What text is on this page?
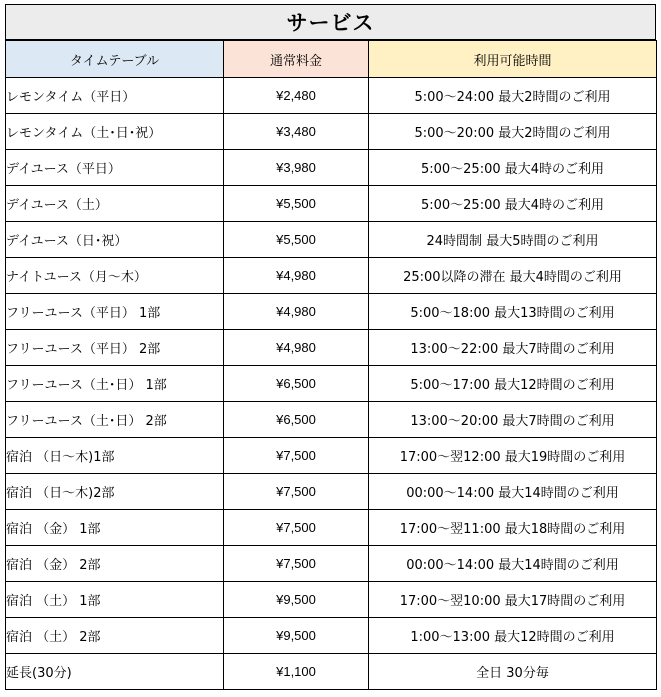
サービス
タイムテーブル	通常料金	利用可能時間
レモンタイム（平日）	¥2,480	5:00～24:00 最大2時間のご利用
レモンタイム（土･日･祝）	¥3,480	5:00～20:00 最大2時間のご利用
デイユース（平日）	¥3,980	5:00～25:00 最大4時のご利用
デイユース（土）	¥5,500	5:00～25:00 最大4時のご利用
デイユース（日･祝）	¥5,500	24時間制 最大5時間のご利用
ナイトユース（月～木）	¥4,980	25:00以降の滞在 最大4時間のご利用
フリーユース（平日） 1部	¥4,980	5:00～18:00 最大13時間のご利用
フリーユース（平日） 2部	¥4,980	13:00～22:00 最大7時間のご利用
フリーユース（土･日） 1部	¥6,500	5:00～17:00 最大12時間のご利用
フリーユース（土･日） 2部	¥6,500	13:00～20:00 最大7時間のご利用
宿泊 （日～木)1部	¥7,500	17:00～翌12:00 最大19時間のご利用
宿泊 （日～木)2部	¥7,500	00:00～14:00 最大14時間のご利用
宿泊 （金） 1部	¥7,500	17:00～翌11:00 最大18時間のご利用
宿泊 （金） 2部	¥7,500	00:00～14:00 最大14時間のご利用
宿泊 （土） 1部	¥9,500	17:00～翌10:00 最大17時間のご利用
宿泊 （土） 2部	¥9,500	1:00～13:00 最大12時間のご利用
延長(30分)	¥1,100	全日 30分毎
